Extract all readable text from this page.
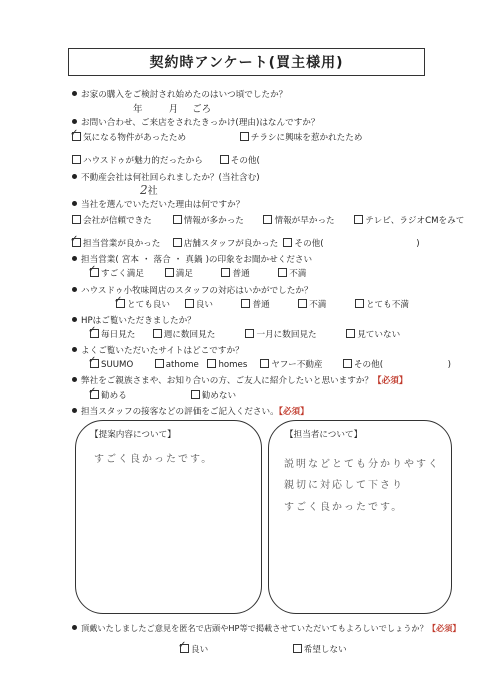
契約時アンケート(買主様用)
お家の購入をご検討され始めたのはいつ頃でしたか？
年	月 ごろ
お問い合わせ、ご来店をされたきっかけ(理由)はなんですか？
気になる物件があったため	チラシに興味を惹かれたため
ハウスドゥが魅力的だったから	その他(
✓
不動産会社は何社回られましたか？(当社含む)
2社
当社を選んでいただいた理由は何ですか？
会社が信頼できた	情報が多かった	情報が早かった	テレビ、ラジオCMをみて
担当営業が良かった	店舗スタッフが良かった その他(	)
✓
担当営業( 宮本 ・ 落合 ・ 真鍋 )の印象をお聞かせください
すごく満足	満足	普通	不満
✓
ハウスドゥ小牧味岡店のスタッフの対応はいかがでしたか？
とても良い	良い	普通	不満	とても不満
✓
HPはご覧いただきましたか？
毎日見た	週に数回見た	一月に数回見た	見ていない
✓
よくご覧いただいたサイトはどこですか？
SUUMO	athome homes	ヤフー不動産	その他(	)
✓
弊社をご親族さまや、お知り合いの方、ご友人に紹介したいと思いますか？【必須】
勧める	勧めない
✓
担当スタッフの接客などの評価をご記入ください。【必須】
【提案内容について】
すごく良かったです。
【担当者について】
説明などとても分かりやすく
親切に対応して下さり
すごく良かったです。
頂戴いたしましたご意見を匿名で店頭やHP等で掲載させていただいてもよろしいでしょうか？【必須】
良い	希望しない
✓
